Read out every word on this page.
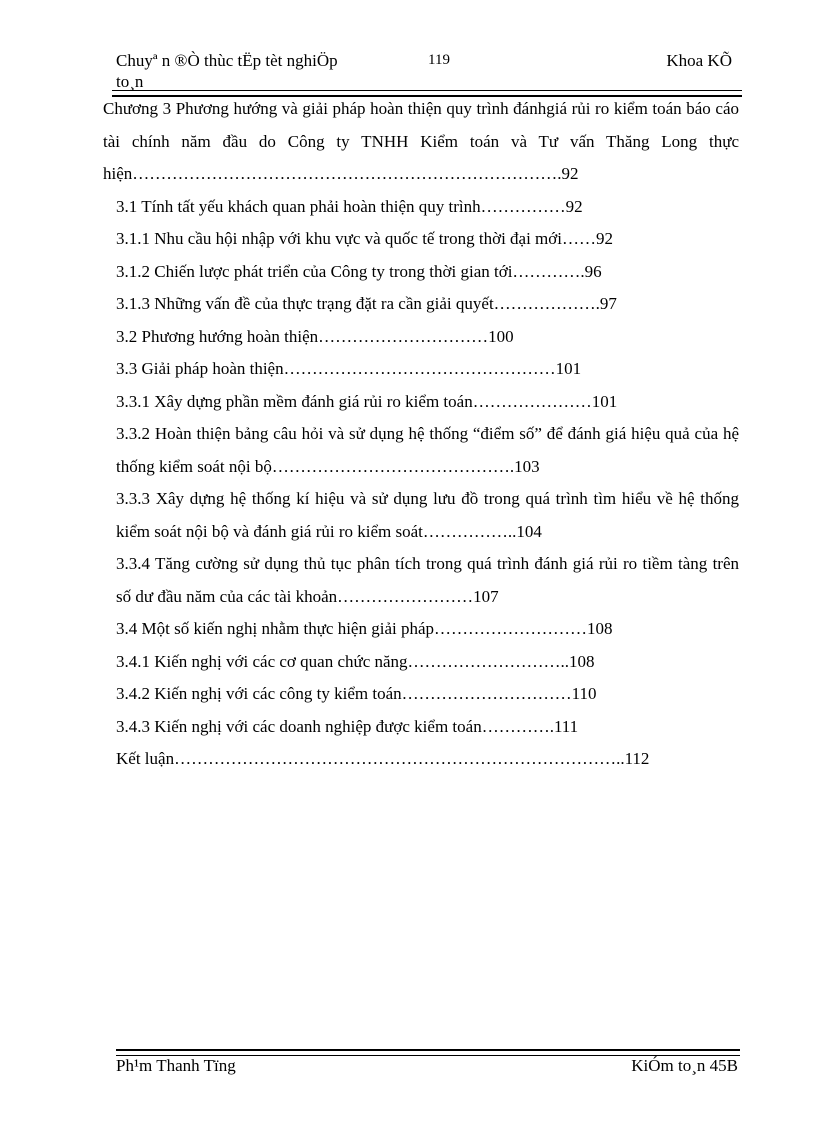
Chuyª n ®Ò thùc tËp tèt nghiÖp
to¸n
119	Khoa KÕ
Chương 3 Phương hướng và giải pháp hoàn thiện quy trình đánhgiá rủi ro kiểm toán báo cáo tài chính năm đầu do Công ty TNHH Kiểm toán và Tư vấn Thăng Long thực hiện………………………………………………………………….92
3.1 Tính tất yếu khách quan phải hoàn thiện quy trình……………92
3.1.1 Nhu cầu hội nhập với khu vực và quốc tế trong thời đại mới……92
3.1.2 Chiến lược phát triển của Công ty trong thời gian tới………….96
3.1.3 Những vấn đề của thực trạng đặt ra cần giải quyết……………….97
3.2 Phương hướng hoàn thiện…………………………100
3.3 Giải pháp hoàn thiện…………………………………………101
3.3.1 Xây dựng phần mềm đánh giá rủi ro kiểm toán…………………101
3.3.2 Hoàn thiện bảng câu hỏi và sử dụng hệ thống “điểm số” để đánh giá hiệu quả của hệ thống kiểm soát nội bộ…………………………………….103
3.3.3 Xây dựng hệ thống kí hiệu và sử dụng lưu đồ trong quá trình tìm hiểu về hệ thống kiểm soát nội bộ và đánh giá rủi ro kiểm soát……………..104
3.3.4 Tăng cường sử dụng thủ tục phân tích trong quá trình đánh giá rủi ro tiềm tàng trên số dư đầu năm của các tài khoản……………………107
3.4 Một số kiến nghị nhằm thực hiện giải pháp………………………108
3.4.1 Kiến nghị với các cơ quan chức năng………………………..108
3.4.2 Kiến nghị với các công ty kiểm toán…………………………110
3.4.3 Kiến nghị với các doanh nghiệp được kiểm toán………….111
Kết luận……………………………………………………………………..112
Ph¹m Thanh Tïng	KiÓm to¸n 45B
